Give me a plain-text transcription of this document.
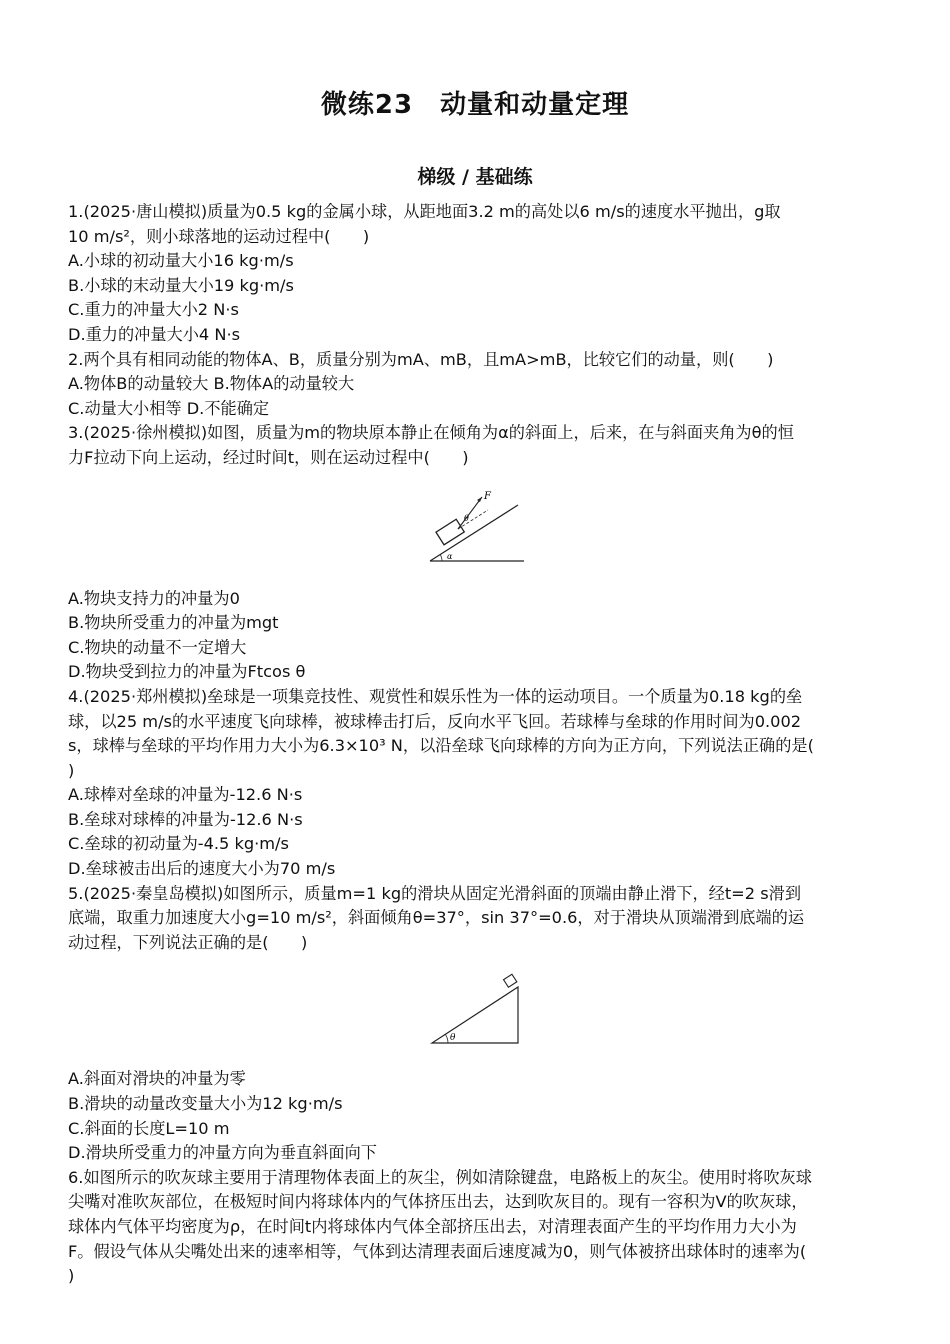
微练23　动量和动量定理
梯级 / 基础练
1.(2025·唐山模拟)质量为0.5 kg的金属小球，从距地面3.2 m的高处以6 m/s的速度水平抛出，g取
10 m/s²，则小球落地的运动过程中(　　)
A.小球的初动量大小16 kg·m/s
B.小球的末动量大小19 kg·m/s
C.重力的冲量大小2 N·s
D.重力的冲量大小4 N·s
2.两个具有相同动能的物体A、B，质量分别为mA、mB，且mA>mB，比较它们的动量，则(　　)
A.物体B的动量较大 B.物体A的动量较大
C.动量大小相等 D.不能确定
3.(2025·徐州模拟)如图，质量为m的物块原本静止在倾角为α的斜面上，后来，在与斜面夹角为θ的恒
力F拉动下向上运动，经过时间t，则在运动过程中(　　)
F
θ
α
A.物块支持力的冲量为0
B.物块所受重力的冲量为mgt
C.物块的动量不一定增大
D.物块受到拉力的冲量为Ftcos θ
4.(2025·郑州模拟)垒球是一项集竞技性、观赏性和娱乐性为一体的运动项目。一个质量为0.18 kg的垒
球，以25 m/s的水平速度飞向球棒，被球棒击打后，反向水平飞回。若球棒与垒球的作用时间为0.002
s，球棒与垒球的平均作用力大小为6.3×10³ N，以沿垒球飞向球棒的方向为正方向，下列说法正确的是(
)
A.球棒对垒球的冲量为-12.6 N·s
B.垒球对球棒的冲量为-12.6 N·s
C.垒球的初动量为-4.5 kg·m/s
D.垒球被击出后的速度大小为70 m/s
5.(2025·秦皇岛模拟)如图所示，质量m=1 kg的滑块从固定光滑斜面的顶端由静止滑下，经t=2 s滑到
底端，取重力加速度大小g=10 m/s²，斜面倾角θ=37°，sin 37°=0.6，对于滑块从顶端滑到底端的运
动过程，下列说法正确的是(　　)
θ
A.斜面对滑块的冲量为零
B.滑块的动量改变量大小为12 kg·m/s
C.斜面的长度L=10 m
D.滑块所受重力的冲量方向为垂直斜面向下
6.如图所示的吹灰球主要用于清理物体表面上的灰尘，例如清除键盘，电路板上的灰尘。使用时将吹灰球
尖嘴对准吹灰部位，在极短时间内将球体内的气体挤压出去，达到吹灰目的。现有一容积为V的吹灰球，
球体内气体平均密度为ρ，在时间t内将球体内气体全部挤压出去，对清理表面产生的平均作用力大小为
F。假设气体从尖嘴处出来的速率相等，气体到达清理表面后速度减为0，则气体被挤出球体时的速率为(
)
